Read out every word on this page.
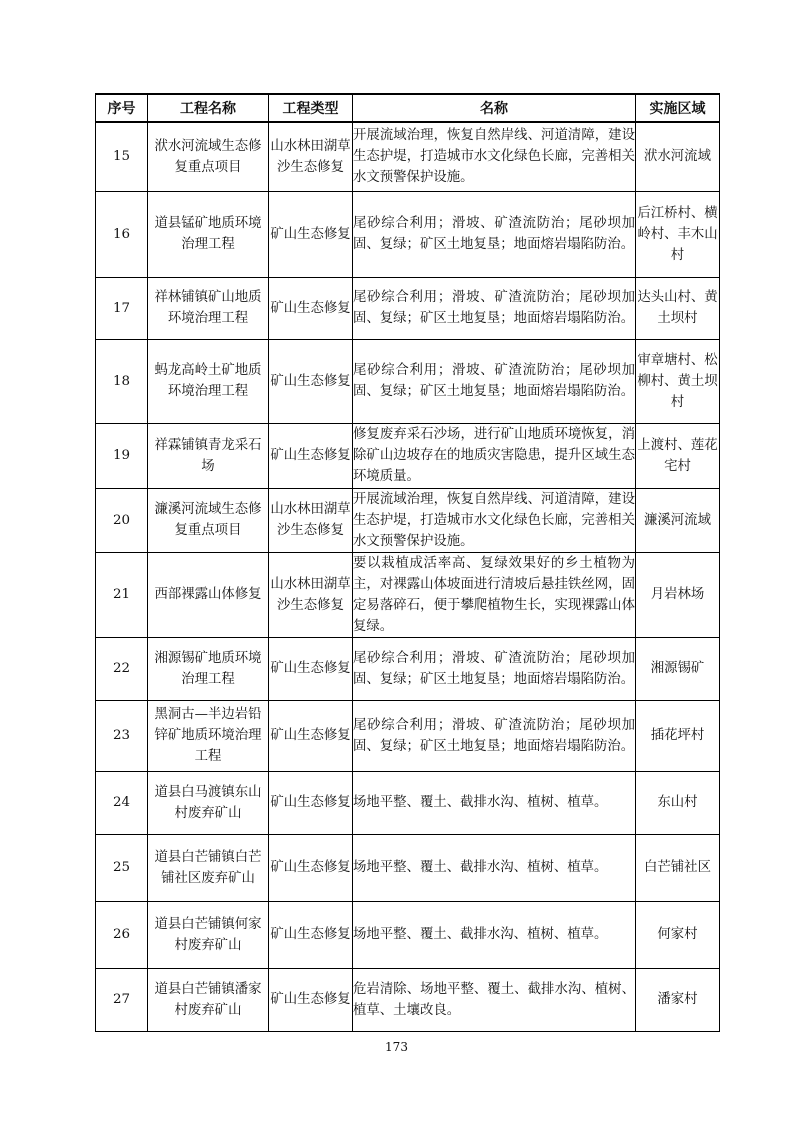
序号	工程名称	工程类型	名称	实施区域
15	洑水河流域生态修复重点项目	山水林田湖草沙生态修复	开展流域治理，恢复自然岸线、河道清障，建设生态护堤，打造城市水文化绿色长廊，完善相关水文预警保护设施。	洑水河流域
16	道县锰矿地质环境治理工程	矿山生态修复	尾砂综合利用；滑坡、矿渣流防治；尾砂坝加固、复绿；矿区土地复垦；地面熔岩塌陷防治。	后江桥村、横岭村、丰木山村
17	祥林铺镇矿山地质环境治理工程	矿山生态修复	尾砂综合利用；滑坡、矿渣流防治；尾砂坝加固、复绿；矿区土地复垦；地面熔岩塌陷防治。	达头山村、黄土坝村
18	蚂龙高岭土矿地质环境治理工程	矿山生态修复	尾砂综合利用；滑坡、矿渣流防治；尾砂坝加固、复绿；矿区土地复垦；地面熔岩塌陷防治。	审章塘村、松柳村、黄土坝村
19	祥霖铺镇青龙采石场	矿山生态修复	修复废弃采石沙场，进行矿山地质环境恢复，消除矿山边坡存在的地质灾害隐患，提升区域生态环境质量。	上渡村、莲花宅村
20	濂溪河流域生态修复重点项目	山水林田湖草沙生态修复	开展流域治理，恢复自然岸线、河道清障，建设生态护堤，打造城市水文化绿色长廊，完善相关水文预警保护设施。	濂溪河流域
21	西部裸露山体修复	山水林田湖草沙生态修复	要以栽植成活率高、复绿效果好的乡土植物为主，对裸露山体坡面进行清坡后悬挂铁丝网，固定易落碎石，便于攀爬植物生长，实现裸露山体复绿。	月岩林场
22	湘源锡矿地质环境治理工程	矿山生态修复	尾砂综合利用；滑坡、矿渣流防治；尾砂坝加固、复绿；矿区土地复垦；地面熔岩塌陷防治。	湘源锡矿
23	黑洞古—半边岩铅锌矿地质环境治理工程	矿山生态修复	尾砂综合利用；滑坡、矿渣流防治；尾砂坝加固、复绿；矿区土地复垦；地面熔岩塌陷防治。	插花坪村
24	道县白马渡镇东山村废弃矿山	矿山生态修复	场地平整、覆土、截排水沟、植树、植草。	东山村
25	道县白芒铺镇白芒铺社区废弃矿山	矿山生态修复	场地平整、覆土、截排水沟、植树、植草。	白芒铺社区
26	道县白芒铺镇何家村废弃矿山	矿山生态修复	场地平整、覆土、截排水沟、植树、植草。	何家村
27	道县白芒铺镇潘家村废弃矿山	矿山生态修复	危岩清除、场地平整、覆土、截排水沟、植树、植草、土壤改良。	潘家村
173
